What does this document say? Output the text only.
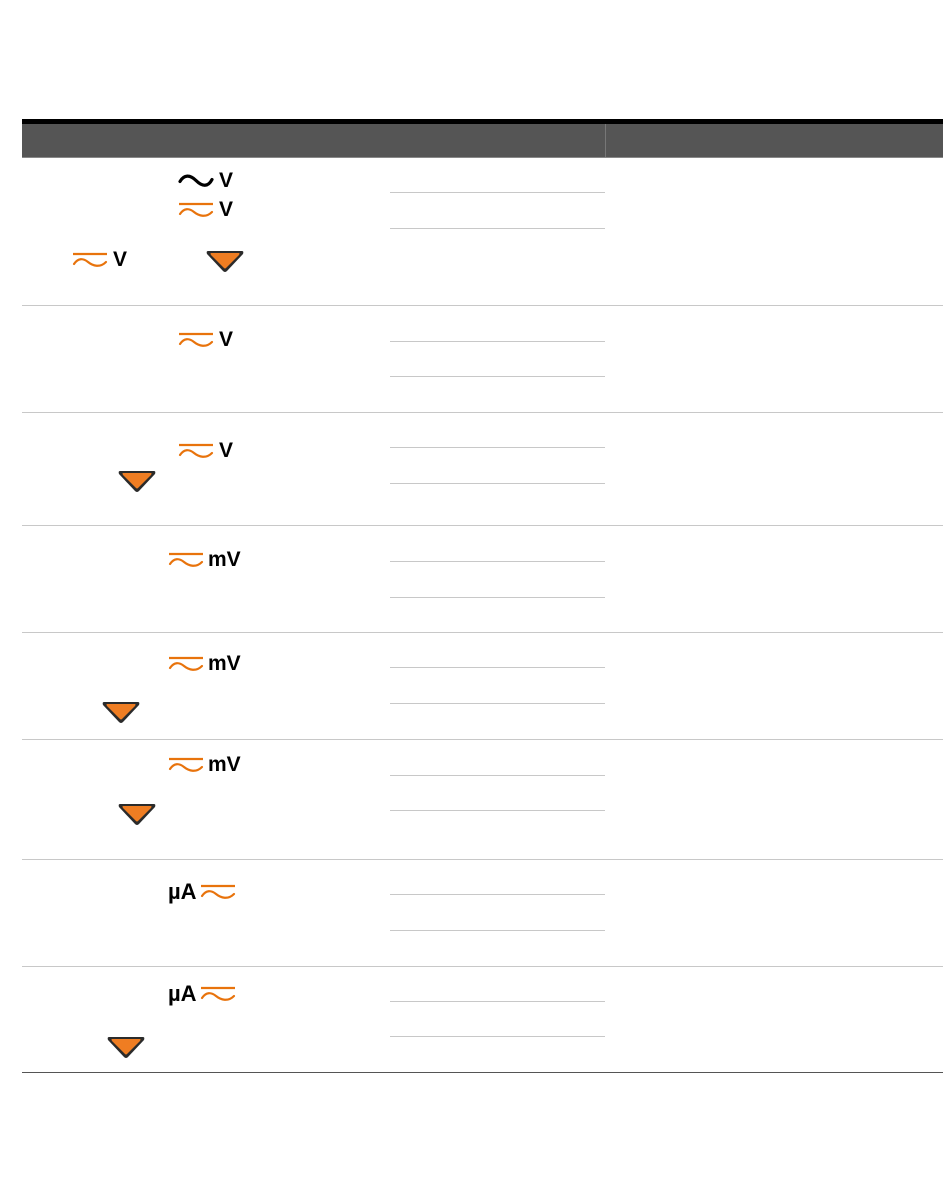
V
V
V
V
V
mV
mV
mV
µA
µA
